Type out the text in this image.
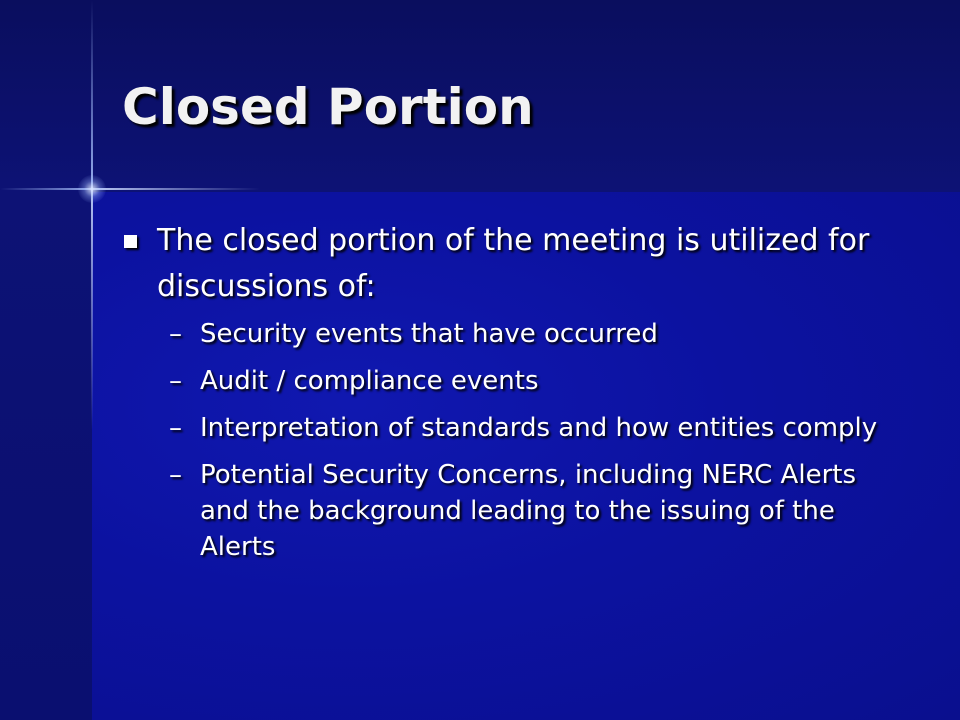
Closed Portion

The closed portion of the meeting is utilized for discussions of:

– Security events that have occurred

– Audit / compliance events

– Interpretation of standards and how entities comply

– Potential Security Concerns, including NERC Alerts and the background leading to the issuing of the Alerts
